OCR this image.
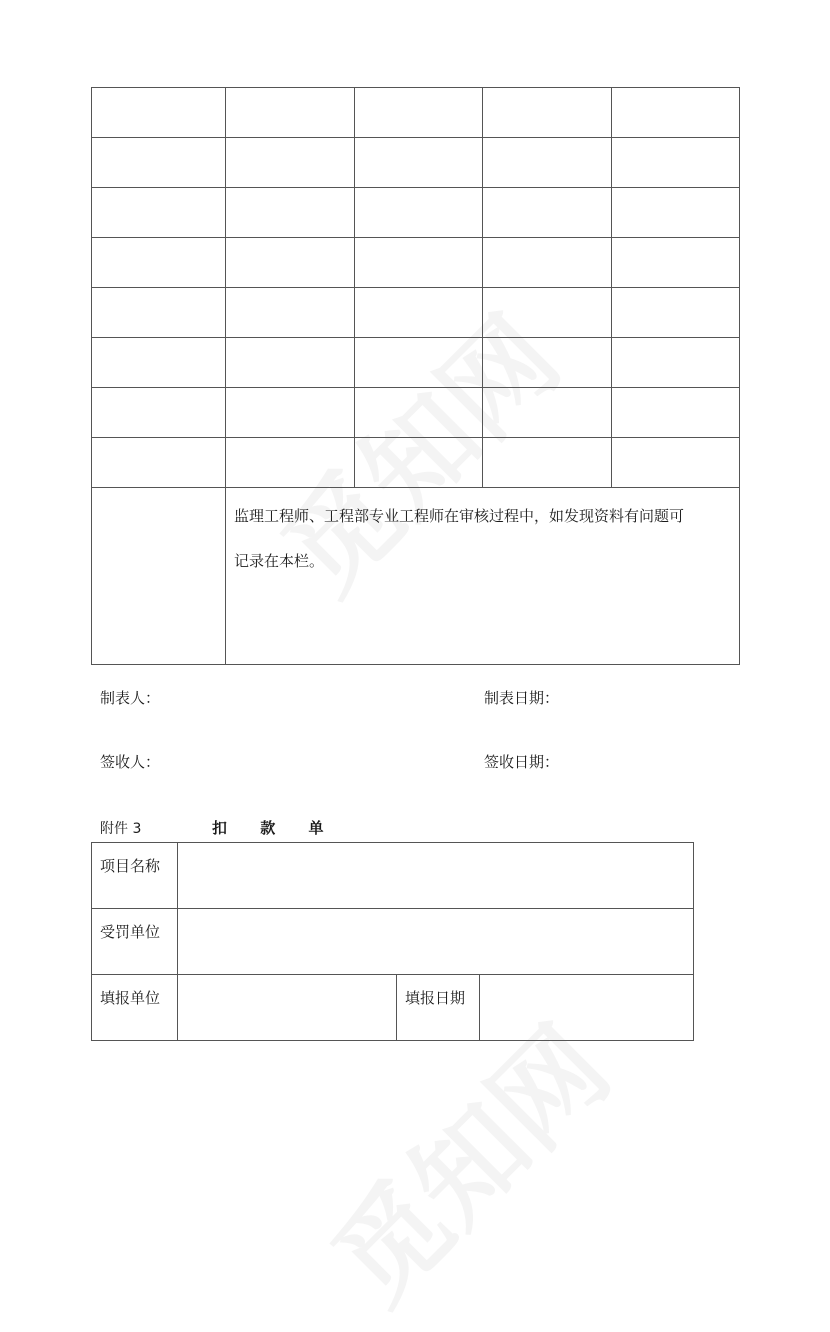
	监理工程师、工程部专业工程师在审核过程中，如发现资料有问题可
记录在本栏。			
制表人：	制表日期：
签收人：	签收日期：
附件 3	扣 款 单
项目名称			
受罚单位			
填报单位		填报日期	
